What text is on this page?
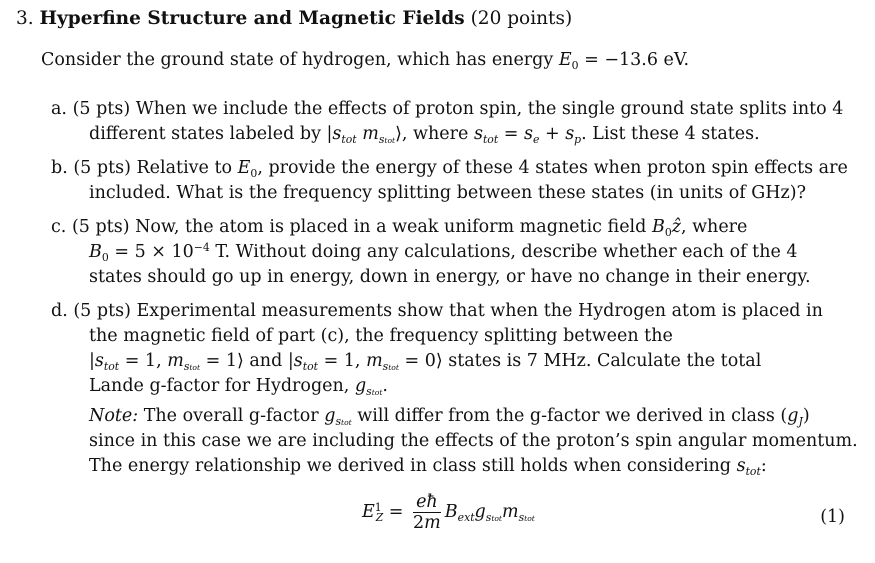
3. Hyperfine Structure and Magnetic Fields (20 points)
Consider the ground state of hydrogen, which has energy $E_0 = -13.6$ eV.
a. (5 pts) When we include the effects of proton spin, the single ground state splits into 4
different states labeled by $|s_{tot}$ $m_{stot}⟩$, where $s_{tot} = s_e + s_p$. List these 4 states.
b. (5 pts) Relative to $E_0$, provide the energy of these 4 states when proton spin effects are
included. What is the frequency splitting between these states (in units of GHz)?
c. (5 pts) Now, the atom is placed in a weak uniform magnetic field $B_0ẑ$, where
$B_0 = 5 \times 10^{-4}$ T. Without doing any calculations, describe whether each of the 4
states should go up in energy, down in energy, or have no change in their energy.
d. (5 pts) Experimental measurements show that when the Hydrogen atom is placed in
the magnetic field of part (c), the frequency splitting between the
$|s_{tot} = 1$, $m_{stot}$ = 1⟩ and $|s_{tot} = 1$, $m_{stot}$ = 0⟩ states is 7 MHz. Calculate the total
Lande g-factor for Hydrogen, $g_{stot}$.
Note: The overall g-factor $g_{stot}$ will differ from the g-factor we derived in class $(g_J)$
since in this case we are including the effects of the proton’s spin angular momentum.
The energy relationship we derived in class still holds when considering $s_{tot}$:
$E^1_Z = \frac{eħ}{2m} B_{ext}g_{stot}m_{stot}$	(1)
